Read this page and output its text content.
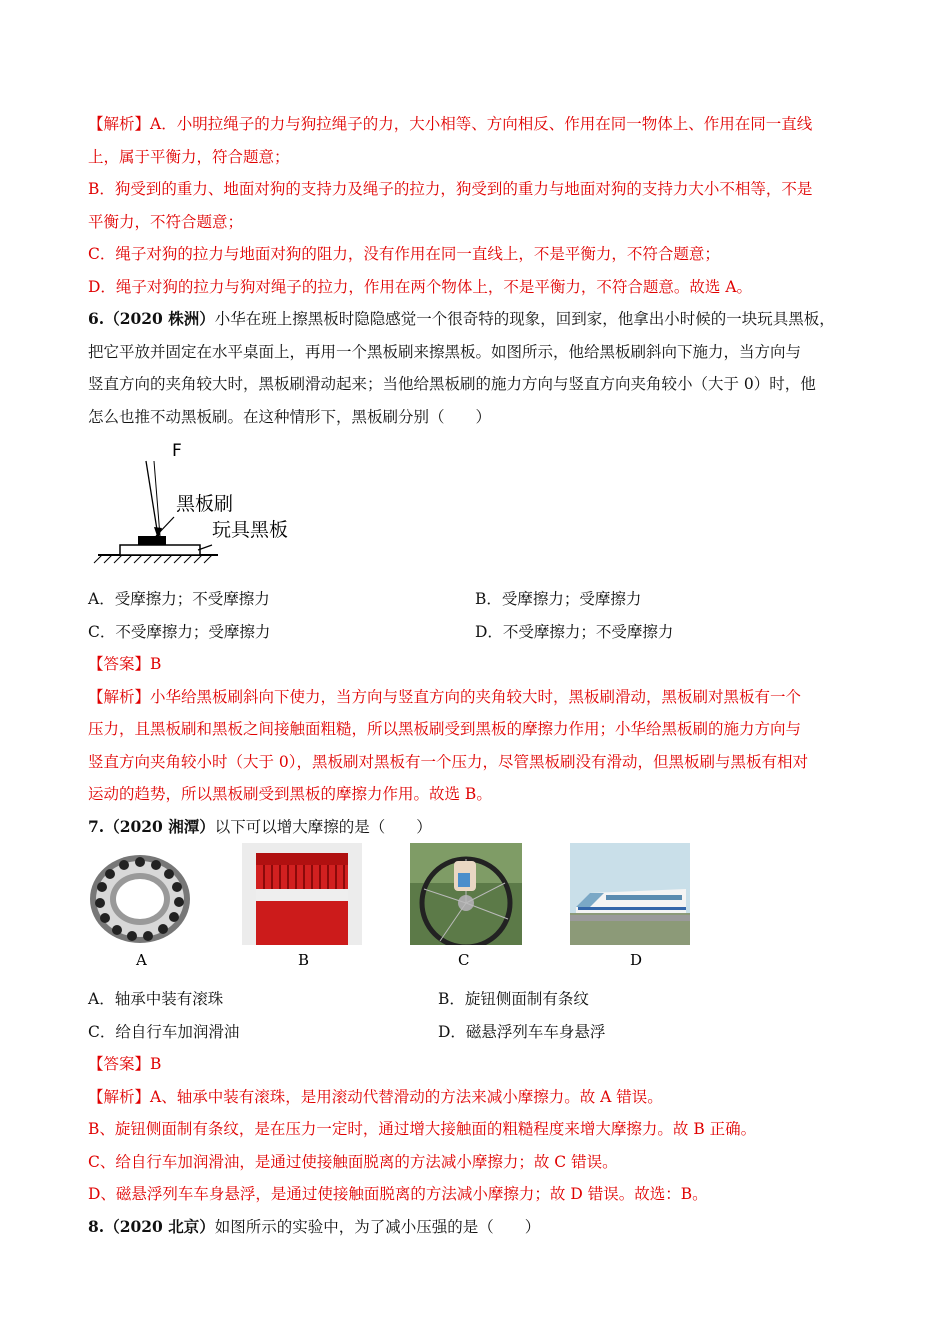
【解析】A．小明拉绳子的力与狗拉绳子的力，大小相等、方向相反、作用在同一物体上、作用在同一直线
上，属于平衡力，符合题意；
B．狗受到的重力、地面对狗的支持力及绳子的拉力，狗受到的重力与地面对狗的支持力大小不相等，不是
平衡力，不符合题意；
C．绳子对狗的拉力与地面对狗的阻力，没有作用在同一直线上，不是平衡力，不符合题意；
D．绳子对狗的拉力与狗对绳子的拉力，作用在两个物体上，不是平衡力，不符合题意。故选 A。
6.（2020 株洲）小华在班上擦黑板时隐隐感觉一个很奇特的现象，回到家，他拿出小时候的一块玩具黑板，
把它平放并固定在水平桌面上，再用一个黑板刷来擦黑板。如图所示，他给黑板刷斜向下施力，当方向与
竖直方向的夹角较大时，黑板刷滑动起来；当他给黑板刷的施力方向与竖直方向夹角较小（大于 0）时，他
怎么也推不动黑板刷。在这种情形下，黑板刷分别（　　）
F
黑板刷
玩具黑板
A．受摩擦力；不受摩擦力	B．受摩擦力；受摩擦力
C．不受摩擦力；受摩擦力	D．不受摩擦力；不受摩擦力
【答案】B
【解析】小华给黑板刷斜向下使力，当方向与竖直方向的夹角较大时，黑板刷滑动，黑板刷对黑板有一个
压力，且黑板刷和黑板之间接触面粗糙，所以黑板刷受到黑板的摩擦力作用；小华给黑板刷的施力方向与
竖直方向夹角较小时（大于 0），黑板刷对黑板有一个压力，尽管黑板刷没有滑动，但黑板刷与黑板有相对
运动的趋势，所以黑板刷受到黑板的摩擦力作用。故选 B。
7.（2020 湘潭）以下可以增大摩擦的是（　　）
A	B	C	D
A．轴承中装有滚珠	B．旋钮侧面制有条纹
C．给自行车加润滑油	D．磁悬浮列车车身悬浮
【答案】B
【解析】A、轴承中装有滚珠，是用滚动代替滑动的方法来减小摩擦力。故 A 错误。
B、旋钮侧面制有条纹，是在压力一定时，通过增大接触面的粗糙程度来增大摩擦力。故 B 正确。
C、给自行车加润滑油，是通过使接触面脱离的方法减小摩擦力；故 C 错误。
D、磁悬浮列车车身悬浮，是通过使接触面脱离的方法减小摩擦力；故 D 错误。故选：B。
8.（2020 北京）如图所示的实验中，为了减小压强的是（　　）
